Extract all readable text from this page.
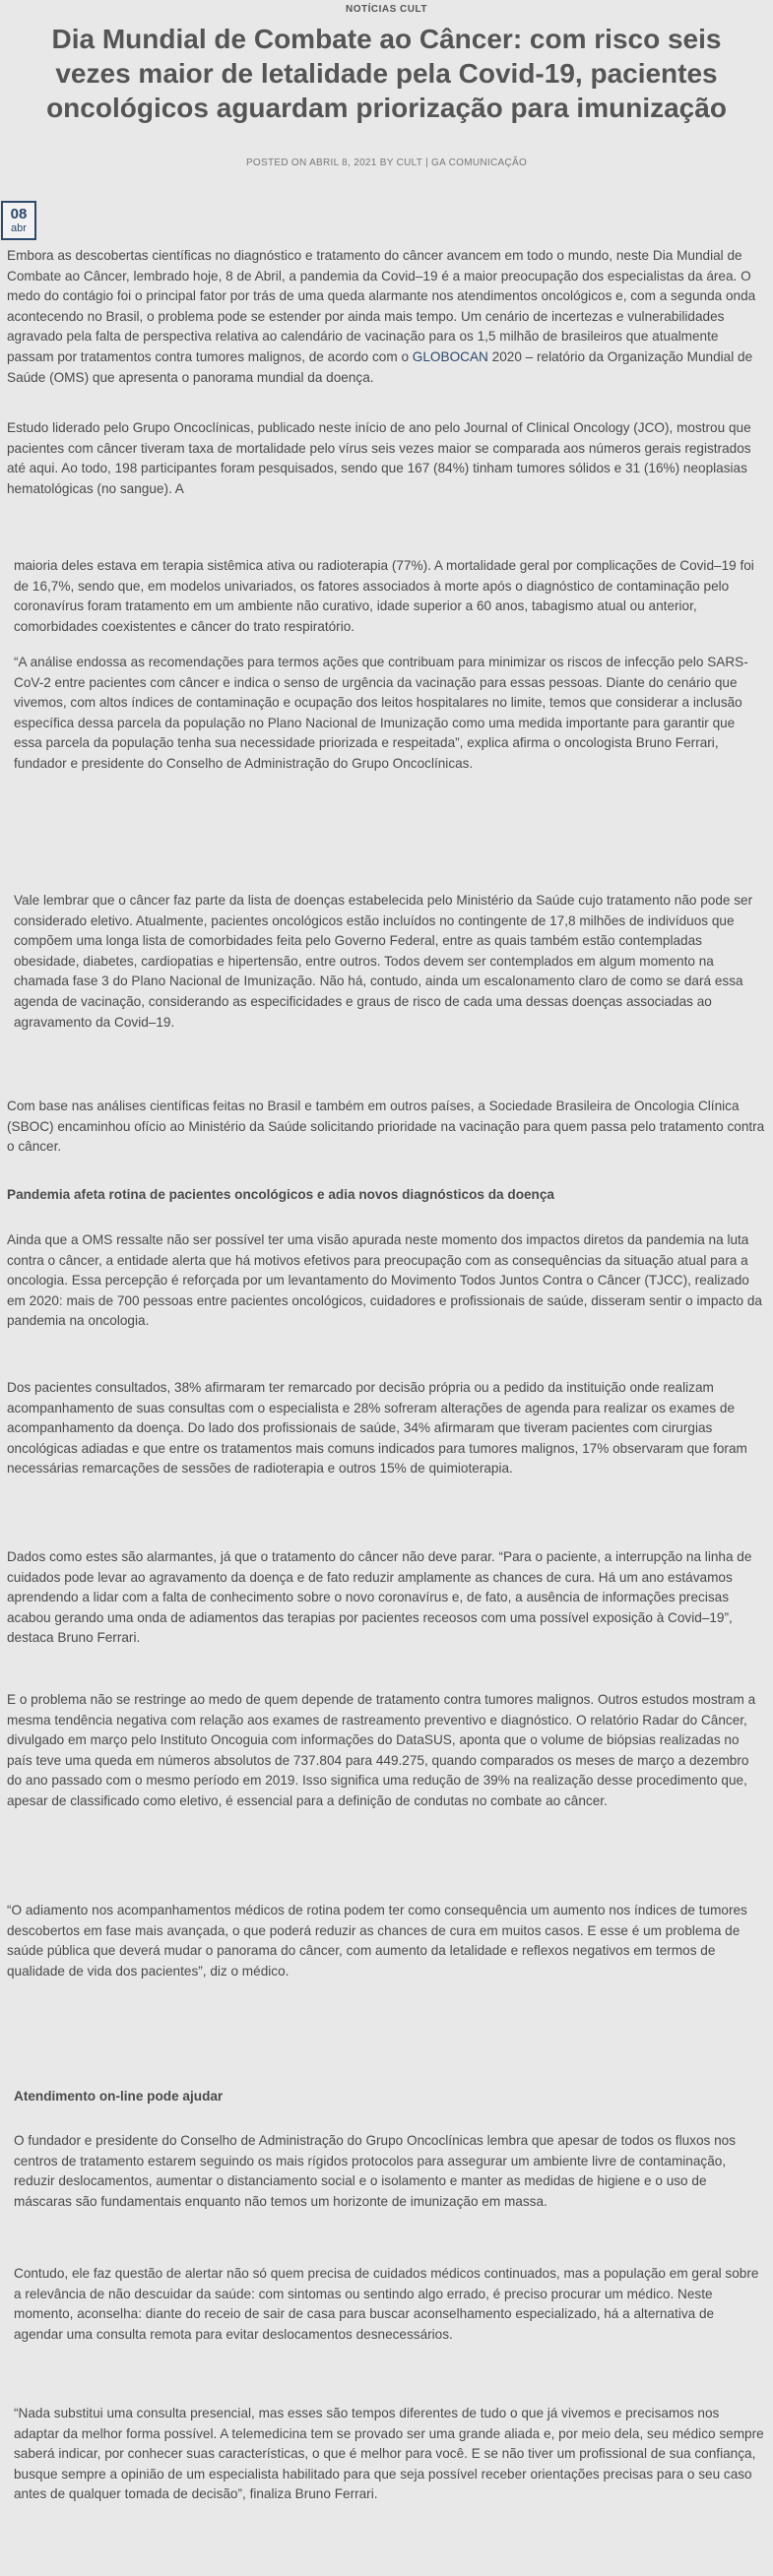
NOTÍCIAS CULT
Dia Mundial de Combate ao Câncer: com risco seis vezes maior de letalidade pela Covid-19, pacientes oncológicos aguardam priorização para imunização
POSTED ON ABRIL 8, 2021 BY CULT | GA COMUNICAÇÃO
08
abr

Embora as descobertas científicas no diagnóstico e tratamento do câncer avancem em todo o mundo, neste Dia Mundial de Combate ao Câncer, lembrado hoje, 8 de Abril, a pandemia da Covid–19 é a maior preocupação dos especialistas da área. O medo do contágio foi o principal fator por trás de uma queda alarmante nos atendimentos oncológicos e, com a segunda onda acontecendo no Brasil, o problema pode se estender por ainda mais tempo. Um cenário de incertezas e vulnerabilidades agravado pela falta de perspectiva relativa ao calendário de vacinação para os 1,5 milhão de brasileiros que atualmente passam por tratamentos contra tumores malignos, de acordo com o GLOBOCAN 2020 – relatório da Organização Mundial de Saúde (OMS) que apresenta o panorama mundial da doença.

Estudo liderado pelo Grupo Oncoclínicas, publicado neste início de ano pelo Journal of Clinical Oncology (JCO), mostrou que pacientes com câncer tiveram taxa de mortalidade pelo vírus seis vezes maior se comparada aos números gerais registrados até aqui. Ao todo, 198 participantes foram pesquisados, sendo que 167 (84%) tinham tumores sólidos e 31 (16%) neoplasias hematológicas (no sangue). A

maioria deles estava em terapia sistêmica ativa ou radioterapia (77%). A mortalidade geral por complicações de Covid–19 foi de 16,7%, sendo que, em modelos univariados, os fatores associados à morte após o diagnóstico de contaminação pelo coronavírus foram tratamento em um ambiente não curativo, idade superior a 60 anos, tabagismo atual ou anterior, comorbidades coexistentes e câncer do trato respiratório.

“A análise endossa as recomendações para termos ações que contribuam para minimizar os riscos de infecção pelo SARS-CoV-2 entre pacientes com câncer e indica o senso de urgência da vacinação para essas pessoas. Diante do cenário que vivemos, com altos índices de contaminação e ocupação dos leitos hospitalares no limite, temos que considerar a inclusão específica dessa parcela da população no Plano Nacional de Imunização como uma medida importante para garantir que essa parcela da população tenha sua necessidade priorizada e respeitada”, explica afirma o oncologista Bruno Ferrari, fundador e presidente do Conselho de Administração do Grupo Oncoclínicas.

Vale lembrar que o câncer faz parte da lista de doenças estabelecida pelo Ministério da Saúde cujo tratamento não pode ser considerado eletivo. Atualmente, pacientes oncológicos estão incluídos no contingente de 17,8 milhões de indivíduos que compõem uma longa lista de comorbidades feita pelo Governo Federal, entre as quais também estão contempladas obesidade, diabetes, cardiopatias e hipertensão, entre outros. Todos devem ser contemplados em algum momento na chamada fase 3 do Plano Nacional de Imunização. Não há, contudo, ainda um escalonamento claro de como se dará essa agenda de vacinação, considerando as especificidades e graus de risco de cada uma dessas doenças associadas ao agravamento da Covid–19.

Com base nas análises científicas feitas no Brasil e também em outros países, a Sociedade Brasileira de Oncologia Clínica (SBOC) encaminhou ofício ao Ministério da Saúde solicitando prioridade na vacinação para quem passa pelo tratamento contra o câncer.

Pandemia afeta rotina de pacientes oncológicos e adia novos diagnósticos da doença

Ainda que a OMS ressalte não ser possível ter uma visão apurada neste momento dos impactos diretos da pandemia na luta contra o câncer, a entidade alerta que há motivos efetivos para preocupação com as consequências da situação atual para a oncologia. Essa percepção é reforçada por um levantamento do Movimento Todos Juntos Contra o Câncer (TJCC), realizado em 2020: mais de 700 pessoas entre pacientes oncológicos, cuidadores e profissionais de saúde, disseram sentir o impacto da pandemia na oncologia.

Dos pacientes consultados, 38% afirmaram ter remarcado por decisão própria ou a pedido da instituição onde realizam acompanhamento de suas consultas com o especialista e 28% sofreram alterações de agenda para realizar os exames de acompanhamento da doença. Do lado dos profissionais de saúde, 34% afirmaram que tiveram pacientes com cirurgias oncológicas adiadas e que entre os tratamentos mais comuns indicados para tumores malignos, 17% observaram que foram necessárias remarcações de sessões de radioterapia e outros 15% de quimioterapia.

Dados como estes são alarmantes, já que o tratamento do câncer não deve parar. “Para o paciente, a interrupção na linha de cuidados pode levar ao agravamento da doença e de fato reduzir amplamente as chances de cura. Há um ano estávamos aprendendo a lidar com a falta de conhecimento sobre o novo coronavírus e, de fato, a ausência de informações precisas acabou gerando uma onda de adiamentos das terapias por pacientes receosos com uma possível exposição à Covid–19”, destaca Bruno Ferrari.

E o problema não se restringe ao medo de quem depende de tratamento contra tumores malignos. Outros estudos mostram a mesma tendência negativa com relação aos exames de rastreamento preventivo e diagnóstico. O relatório Radar do Câncer, divulgado em março pelo Instituto Oncoguia com informações do DataSUS, aponta que o volume de biópsias realizadas no país teve uma queda em números absolutos de 737.804 para 449.275, quando comparados os meses de março a dezembro do ano passado com o mesmo período em 2019. Isso significa uma redução de 39% na realização desse procedimento que, apesar de classificado como eletivo, é essencial para a definição de condutas no combate ao câncer.

“O adiamento nos acompanhamentos médicos de rotina podem ter como consequência um aumento nos índices de tumores descobertos em fase mais avançada, o que poderá reduzir as chances de cura em muitos casos. E esse é um problema de saúde pública que deverá mudar o panorama do câncer, com aumento da letalidade e reflexos negativos em termos de qualidade de vida dos pacientes”, diz o médico.

Atendimento on-line pode ajudar

O fundador e presidente do Conselho de Administração do Grupo Oncoclínicas lembra que apesar de todos os fluxos nos centros de tratamento estarem seguindo os mais rígidos protocolos para assegurar um ambiente livre de contaminação, reduzir deslocamentos, aumentar o distanciamento social e o isolamento e manter as medidas de higiene e o uso de máscaras são fundamentais enquanto não temos um horizonte de imunização em massa.

Contudo, ele faz questão de alertar não só quem precisa de cuidados médicos continuados, mas a população em geral sobre a relevância de não descuidar da saúde: com sintomas ou sentindo algo errado, é preciso procurar um médico. Neste momento, aconselha: diante do receio de sair de casa para buscar aconselhamento especializado, há a alternativa de agendar uma consulta remota para evitar deslocamentos desnecessários.

“Nada substitui uma consulta presencial, mas esses são tempos diferentes de tudo o que já vivemos e precisamos nos adaptar da melhor forma possível. A telemedicina tem se provado ser uma grande aliada e, por meio dela, seu médico sempre saberá indicar, por conhecer suas características, o que é melhor para você. E se não tiver um profissional de sua confiança, busque sempre a opinião de um especialista habilitado para que seja possível receber orientações precisas para o seu caso antes de qualquer tomada de decisão”, finaliza Bruno Ferrari.
